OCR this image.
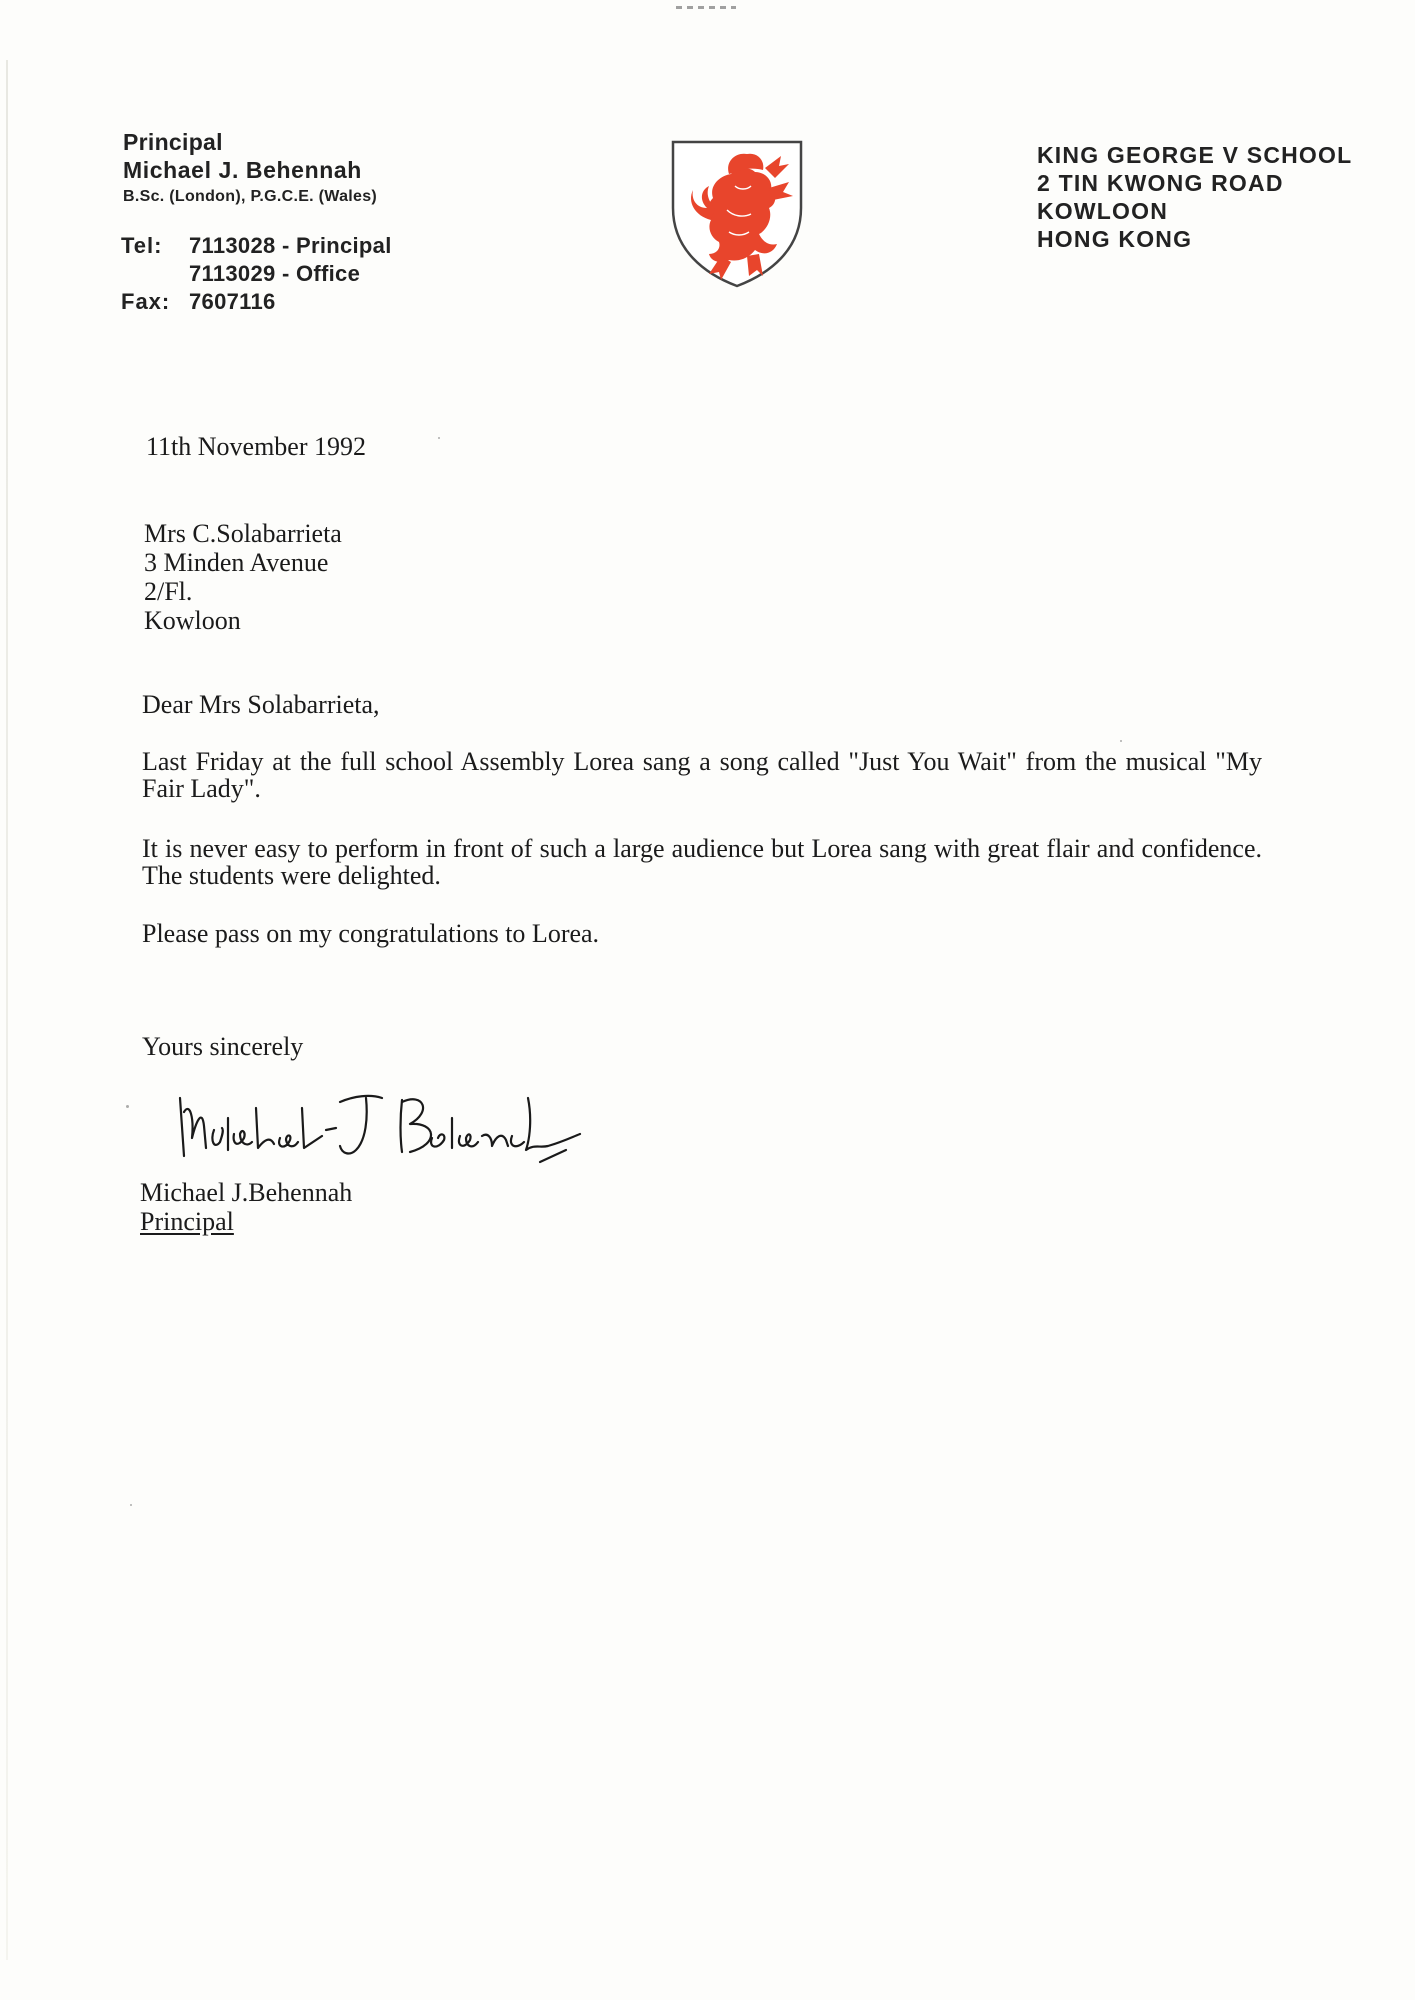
Principal
Michael J. Behennah
B.Sc. (London), P.G.C.E. (Wales)
Tel:	7113028 - Principal
7113029 - Office
Fax: 7607116
KING GEORGE V SCHOOL
2 TIN KWONG ROAD
KOWLOON
HONG KONG
11th November 1992
Mrs C.Solabarrieta
3 Minden Avenue
2/Fl.
Kowloon
Dear Mrs Solabarrieta,
Last Friday at the full school Assembly Lorea sang a song called "Just You Wait" from the musical "My Fair Lady".
It is never easy to perform in front of such a large audience but Lorea sang with great flair and confidence. The students were delighted.
Please pass on my congratulations to Lorea.
Yours sincerely
Michael J.Behennah
Principal
